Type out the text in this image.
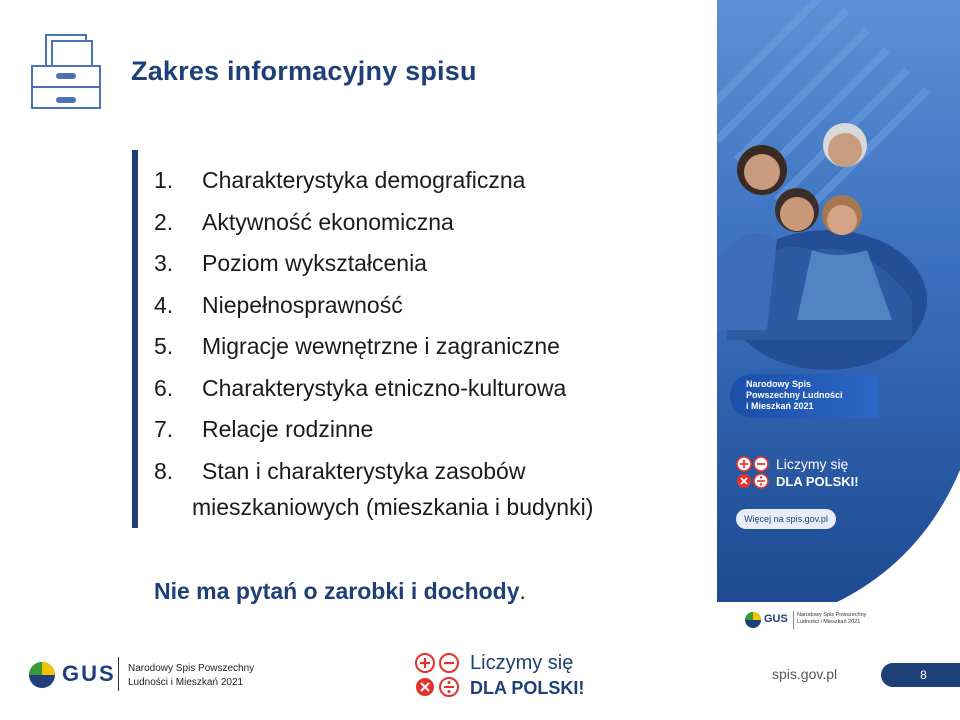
Zakres informacyjny spisu
1.	Charakterystyka demograficzna
2.	Aktywność ekonomiczna
3.	Poziom wykształcenia
4.	Niepełnosprawność
5.	Migracje wewnętrzne i zagraniczne
6.	Charakterystyka etniczno-kulturowa
7.	Relacje rodzinne
8.	Stan i charakterystyka zasobów
mieszkaniowych (mieszkania i budynki)
Nie ma pytań o zarobki i dochody.
Narodowy Spis
Powszechny Ludności
i Mieszkań 2021
Liczymy się
DLA POLSKI!
Więcej na spis.gov.pl
GUS Narodowy Spis Powszechny
Ludności i Mieszkań 2021
GUS Narodowy Spis Powszechny
Ludności i Mieszkań 2021
Liczymy się
DLA POLSKI!
spis.gov.pl	8
